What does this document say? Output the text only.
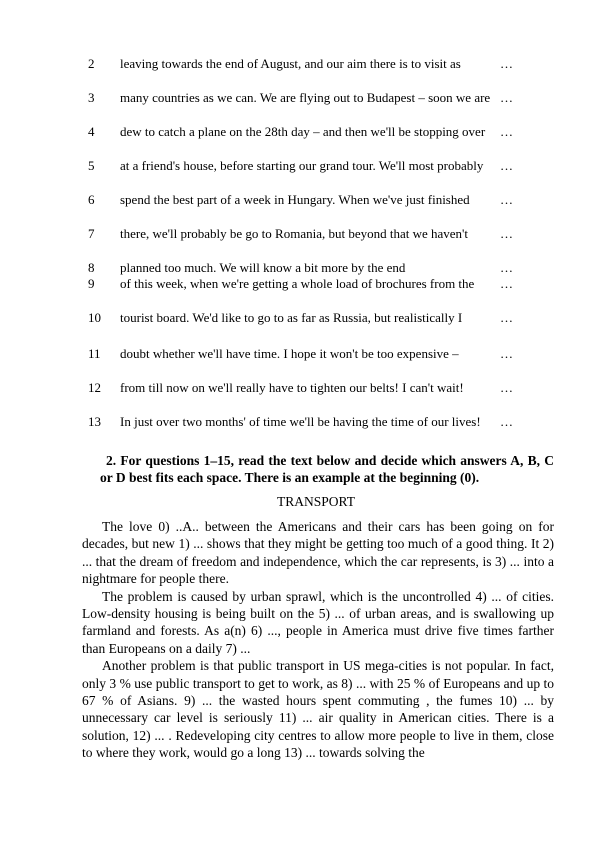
2 leaving towards the end of August, and our aim there is to visit as	…
3 many countries as we can. We are flying out to Budapest – soon we are …
4 dew to catch a plane on the 28th day – and then we'll be stopping over	…
5 at a friend's house, before starting our grand tour. We'll most probably	…
6 spend the best part of a week in Hungary. When we've just finished	…
7 there, we'll probably be go to Romania, but beyond that we haven't	…
8 planned too much. We will know a bit more by the end	…
9 of this week, when we're getting a whole load of brochures from the	…
10 tourist board. We'd like to go to as far as Russia, but realistically I	…
11 doubt whether we'll have time. I hope it won't be too expensive –	…
12 from till now on we'll really have to tighten our belts! I can't wait!	…
13 In just over two months' of time we'll be having the time of our lives!	…
2. For questions 1–15, read the text below and decide which answers A, B, C or D best fits each space. There is an example at the beginning (0).
TRANSPORT

The love 0) ..A.. between the Americans and their cars has been going on for decades, but new 1) ... shows that they might be getting too much of a good thing. It 2) ... that the dream of freedom and independence, which the car represents, is 3) ... into a nightmare for people there.

The problem is caused by urban sprawl, which is the uncontrolled 4) ... of cities. Low-density housing is being built on the 5) ... of urban areas, and is swallowing up farmland and forests. As a(n) 6) ..., people in America must drive five times farther than Europeans on a daily 7) ...

Another problem is that public transport in US mega-cities is not popular. In fact, only 3 % use public transport to get to work, as 8) ... with 25 % of Europeans and up to 67 % of Asians. 9) ... the wasted hours spent commuting , the fumes 10) ... by unnecessary car level is seriously 11) ... air quality in American cities. There is a solution, 12) ... . Redeveloping city centres to allow more people to live in them, close to where they work, would go a long 13) ... towards solving the
